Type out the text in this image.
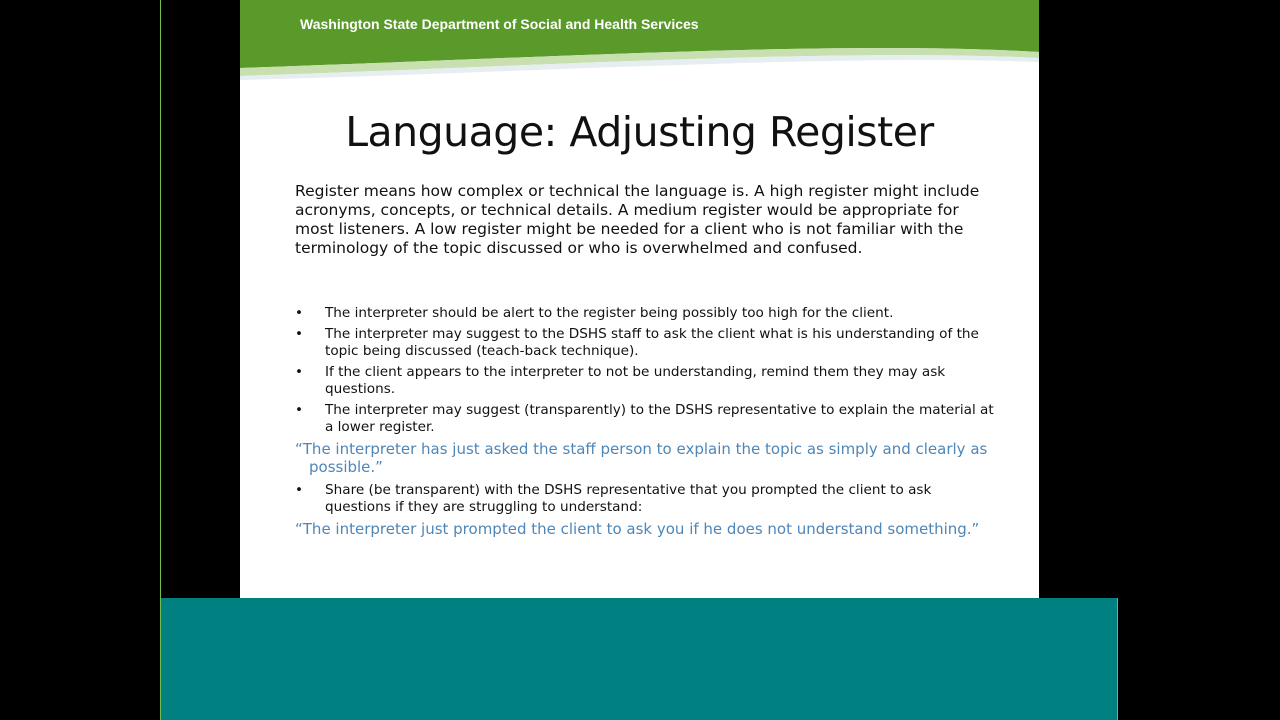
Washington State Department of Social and Health Services
Language: Adjusting Register
Register means how complex or technical the language is. A high register might include acronyms, concepts, or technical details. A medium register would be appropriate for most listeners. A low register might be needed for a client who is not familiar with the terminology of the topic discussed or who is overwhelmed and confused.
• The interpreter should be alert to the register being possibly too high for the client.
• The interpreter may suggest to the DSHS staff to ask the client what is his understanding of the topic being discussed (teach-back technique).
• If the client appears to the interpreter to not be understanding, remind them they may ask questions.
• The interpreter may suggest (transparently) to the DSHS representative to explain the material at a lower register.
“The interpreter has just asked the staff person to explain the topic as simply and clearly as possible.”
• Share (be transparent) with the DSHS representative that you prompted the client to ask questions if they are struggling to understand:
“The interpreter just prompted the client to ask you if he does not understand something.”
